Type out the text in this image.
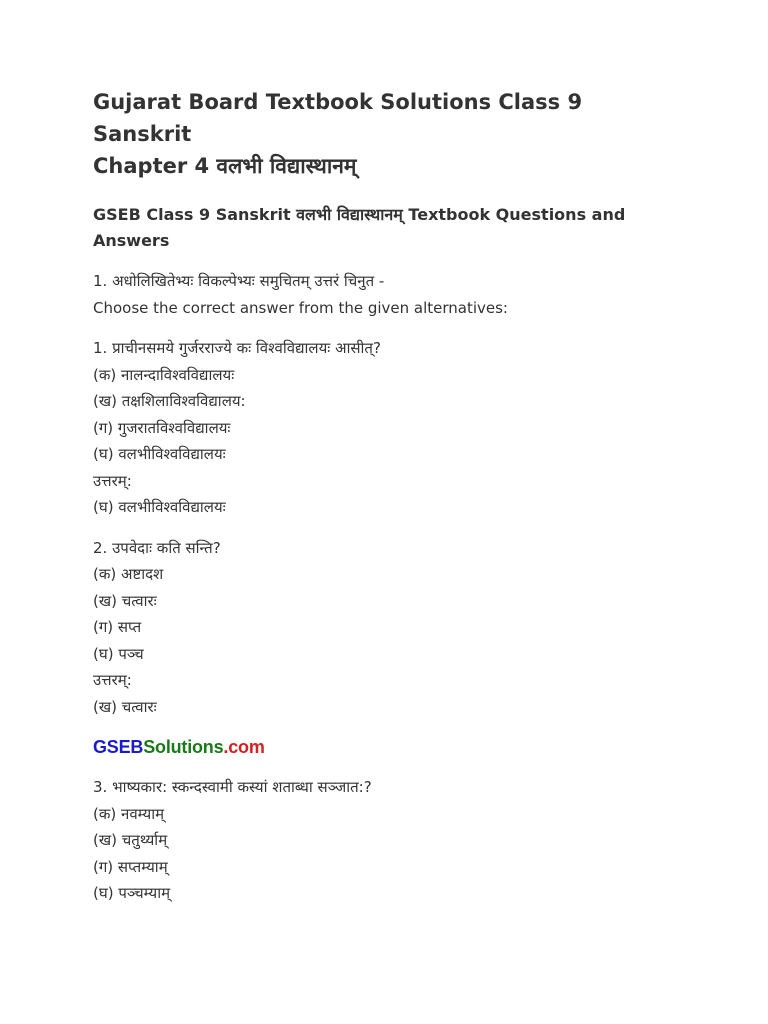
Gujarat Board Textbook Solutions Class 9 Sanskrit
Chapter 4 वलभी विद्यास्थानम्
GSEB Class 9 Sanskrit वलभी विद्यास्थानम् Textbook Questions and
Answers
1. अधोलिखितेभ्यः विकल्पेभ्यः समुचितम् उत्तरं चिनुत -
Choose the correct answer from the given alternatives:
1. प्राचीनसमये गुर्जरराज्ये कः विश्वविद्यालयः आसीत्?
(क) नालन्दाविश्वविद्यालयः
(ख) तक्षशिलाविश्वविद्यालय:
(ग) गुजरातविश्वविद्यालयः
(घ) वलभीविश्वविद्यालयः
उत्तरम्:
(घ) वलभीविश्वविद्यालयः
2. उपवेदाः कति सन्ति?
(क) अष्टादश
(ख) चत्वारः
(ग) सप्त
(घ) पञ्च
उत्तरम्:
(ख) चत्वारः
GSEBSolutions.com
3. भाष्यकार: स्कन्दस्वामी कस्यां शताब्धा सञ्जात:?
(क) नवम्याम्
(ख) चतुर्थ्याम्
(ग) सप्तम्याम्
(घ) पञ्चम्याम्
